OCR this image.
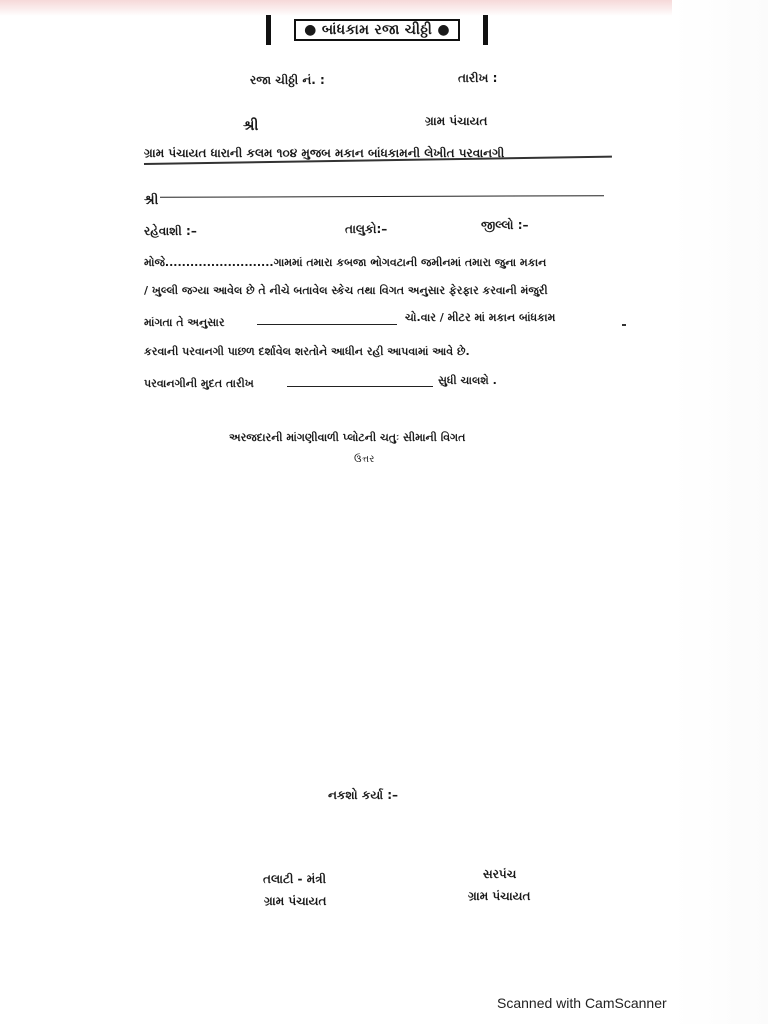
● બાંધકામ રજા ચીઠ્ઠી ●
રજા ચીઠ્ઠી નં. :	તારીખ :
શ્રી	ગ્રામ પંચાયત
ગ્રામ પંચાયત ધારાની કલમ ૧૦૪ મુજબ મકાન બાંધકામની લેખીત પરવાનગી
શ્રી
રહેવાશી :–	તાલુકો:–	જીલ્લો :–
મોજે..........................ગામમાં તમારા કબજા ભોગવટાની જમીનમાં તમારા જુના મકાન
/ ખુલ્લી જગ્યા આવેલ છે તે નીચે બતાવેલ સ્કેચ તથા વિગત અનુસાર ફેરફાર કરવાની મંજુરી
માંગતા તે અનુસાર	ચો.વાર / મીટર માં મકાન બાંધકામ
કરવાની પરવાનગી પાછળ દર્શાવેલ શરતોને આધીન રહી આપવામાં આવે છે.
પરવાનગીની મુદત તારીખ	સુધી ચાલશે .
અરજદારની માંગણીવાળી પ્લોટની ચતુઃ સીમાની વિગત
ઉત્તર
નકશો કર્યા :–
તલાટી - મંત્રી
ગ્રામ પંચાયત
સરપંચ
ગ્રામ પંચાયત
Scanned with CamScanner
